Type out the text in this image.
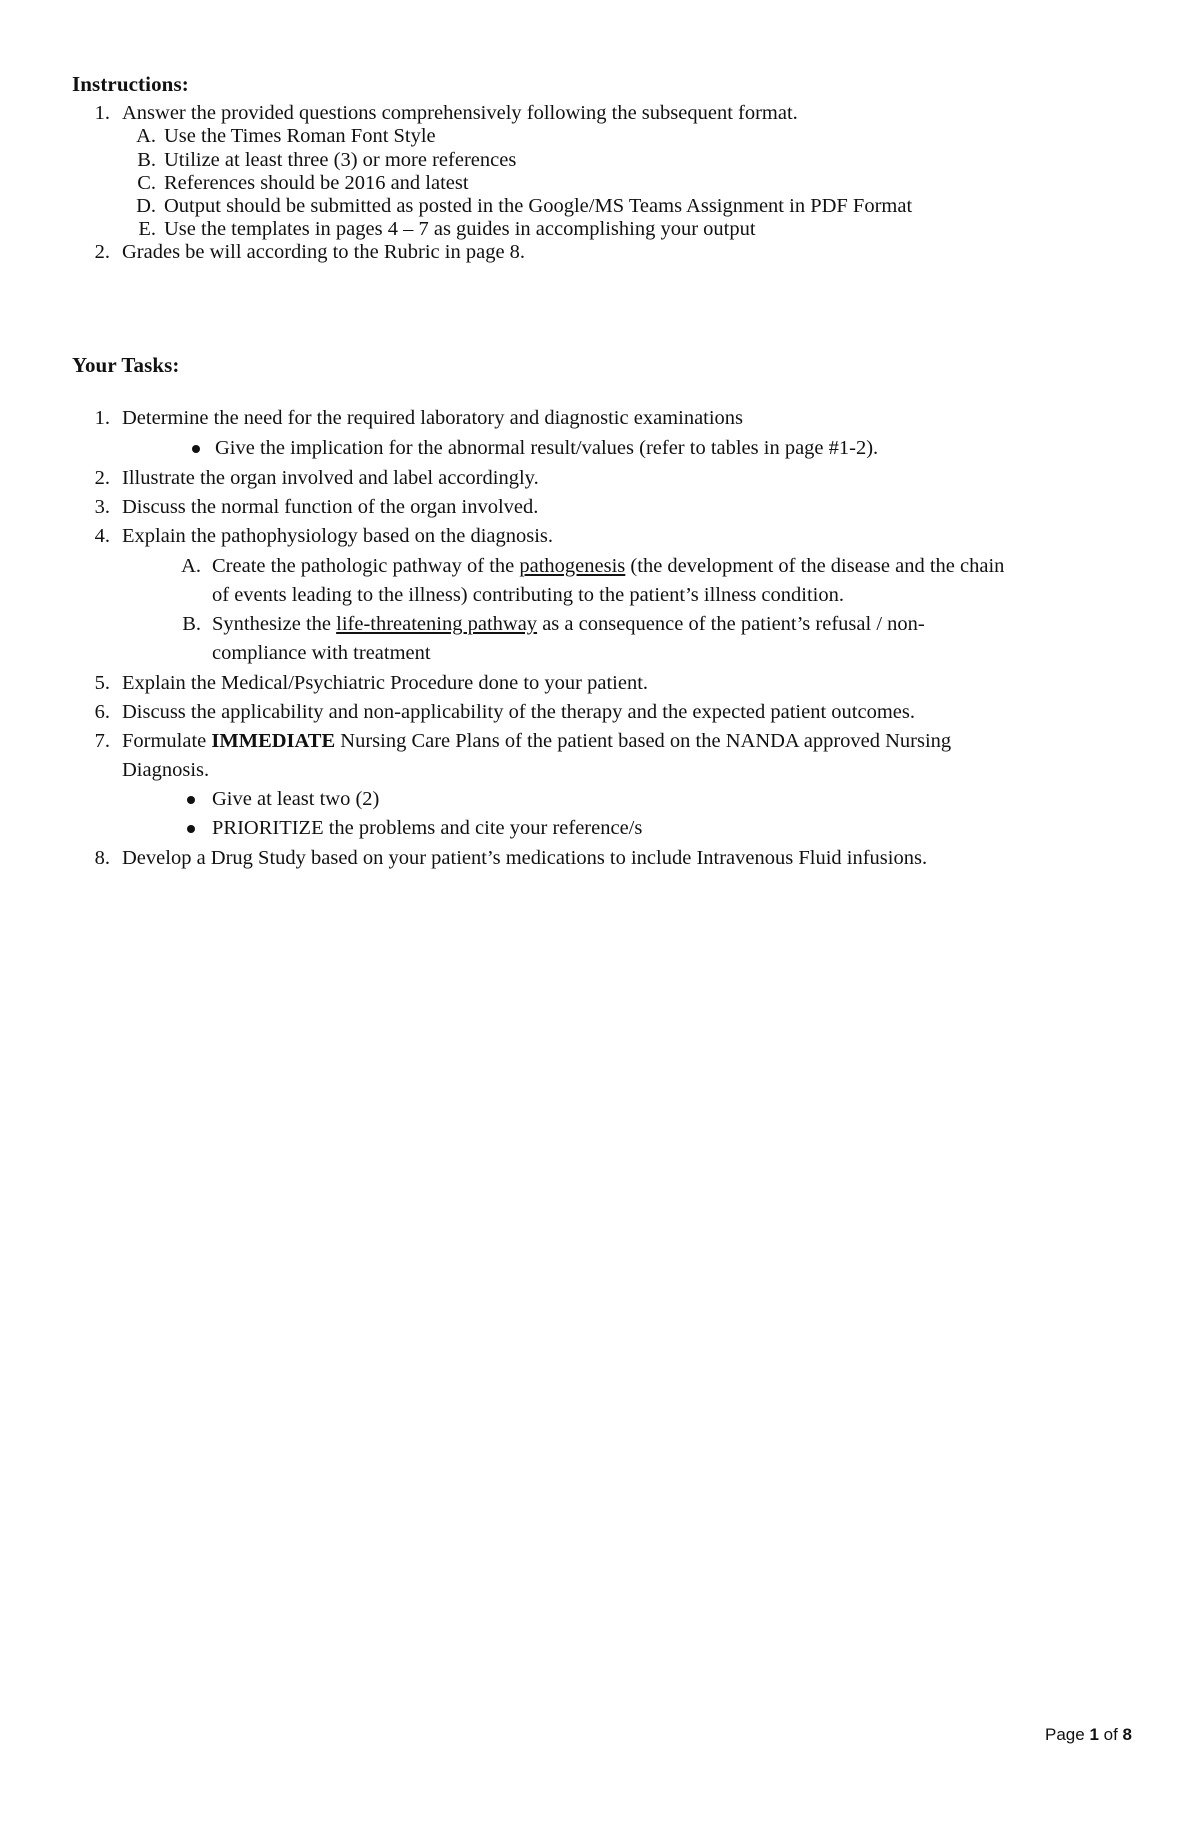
Instructions:
1. Answer the provided questions comprehensively following the subsequent format.
A. Use the Times Roman Font Style
B. Utilize at least three (3) or more references
C. References should be 2016 and latest
D. Output should be submitted as posted in the Google/MS Teams Assignment in PDF Format
E. Use the templates in pages 4 – 7 as guides in accomplishing your output
2. Grades be will according to the Rubric in page 8.
Your Tasks:
1. Determine the need for the required laboratory and diagnostic examinations
Give the implication for the abnormal result/values (refer to tables in page #1-2).
2. Illustrate the organ involved and label accordingly.
3. Discuss the normal function of the organ involved.
4. Explain the pathophysiology based on the diagnosis.
A. Create the pathologic pathway of the pathogenesis (the development of the disease and the chain
of events leading to the illness) contributing to the patient’s illness condition.
B. Synthesize the life-threatening pathway as a consequence of the patient’s refusal / non-
compliance with treatment
5. Explain the Medical/Psychiatric Procedure done to your patient.
6. Discuss the applicability and non-applicability of the therapy and the expected patient outcomes.
7. Formulate IMMEDIATE Nursing Care Plans of the patient based on the NANDA approved Nursing
Diagnosis.
Give at least two (2)
PRIORITIZE the problems and cite your reference/s
8. Develop a Drug Study based on your patient’s medications to include Intravenous Fluid infusions.
Page 1 of 8
